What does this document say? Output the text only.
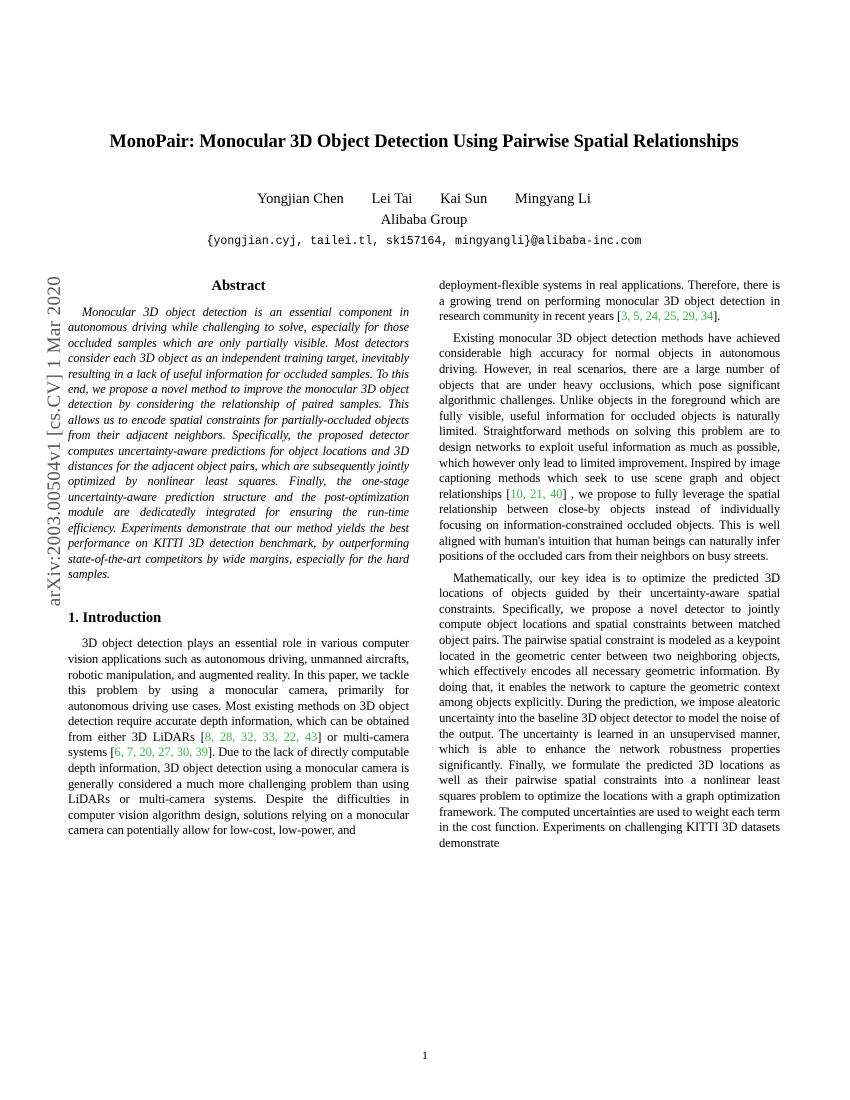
arXiv:2003.00504v1 [cs.CV] 1 Mar 2020
MonoPair: Monocular 3D Object Detection Using Pairwise Spatial Relationships
Yongjian Chen Lei Tai Kai Sun Mingyang Li
Alibaba Group
{yongjian.cyj, tailei.tl, sk157164, mingyangli}@alibaba-inc.com
Abstract

Monocular 3D object detection is an essential component in autonomous driving while challenging to solve, especially for those occluded samples which are only partially visible. Most detectors consider each 3D object as an independent training target, inevitably resulting in a lack of useful information for occluded samples. To this end, we propose a novel method to improve the monocular 3D object detection by considering the relationship of paired samples. This allows us to encode spatial constraints for partially-occluded objects from their adjacent neighbors. Specifically, the proposed detector computes uncertainty-aware predictions for object locations and 3D distances for the adjacent object pairs, which are subsequently jointly optimized by nonlinear least squares. Finally, the one-stage uncertainty-aware prediction structure and the post-optimization module are dedicatedly integrated for ensuring the run-time efficiency. Experiments demonstrate that our method yields the best performance on KITTI 3D detection benchmark, by outperforming state-of-the-art competitors by wide margins, especially for the hard samples.

1. Introduction

3D object detection plays an essential role in various computer vision applications such as autonomous driving, unmanned aircrafts, robotic manipulation, and augmented reality. In this paper, we tackle this problem by using a monocular camera, primarily for autonomous driving use cases. Most existing methods on 3D object detection require accurate depth information, which can be obtained from either 3D LiDARs [8, 28, 32, 33, 22, 43] or multi-camera systems [6, 7, 20, 27, 30, 39]. Due to the lack of directly computable depth information, 3D object detection using a monocular camera is generally considered a much more challenging problem than using LiDARs or multi-camera systems. Despite the difficulties in computer vision algorithm design, solutions relying on a monocular camera can potentially allow for low-cost, low-power, and

deployment-flexible systems in real applications. Therefore, there is a growing trend on performing monocular 3D object detection in research community in recent years [3, 5, 24, 25, 29, 34].

Existing monocular 3D object detection methods have achieved considerable high accuracy for normal objects in autonomous driving. However, in real scenarios, there are a large number of objects that are under heavy occlusions, which pose significant algorithmic challenges. Unlike objects in the foreground which are fully visible, useful information for occluded objects is naturally limited. Straightforward methods on solving this problem are to design networks to exploit useful information as much as possible, which however only lead to limited improvement. Inspired by image captioning methods which seek to use scene graph and object relationships [10, 21, 40] , we propose to fully leverage the spatial relationship between close-by objects instead of individually focusing on information-constrained occluded objects. This is well aligned with human's intuition that human beings can naturally infer positions of the occluded cars from their neighbors on busy streets.

Mathematically, our key idea is to optimize the predicted 3D locations of objects guided by their uncertainty-aware spatial constraints. Specifically, we propose a novel detector to jointly compute object locations and spatial constraints between matched object pairs. The pairwise spatial constraint is modeled as a keypoint located in the geometric center between two neighboring objects, which effectively encodes all necessary geometric information. By doing that, it enables the network to capture the geometric context among objects explicitly. During the prediction, we impose aleatoric uncertainty into the baseline 3D object detector to model the noise of the output. The uncertainty is learned in an unsupervised manner, which is able to enhance the network robustness properties significantly. Finally, we formulate the predicted 3D locations as well as their pairwise spatial constraints into a nonlinear least squares problem to optimize the locations with a graph optimization framework. The computed uncertainties are used to weight each term in the cost function. Experiments on challenging KITTI 3D datasets demonstrate

1
